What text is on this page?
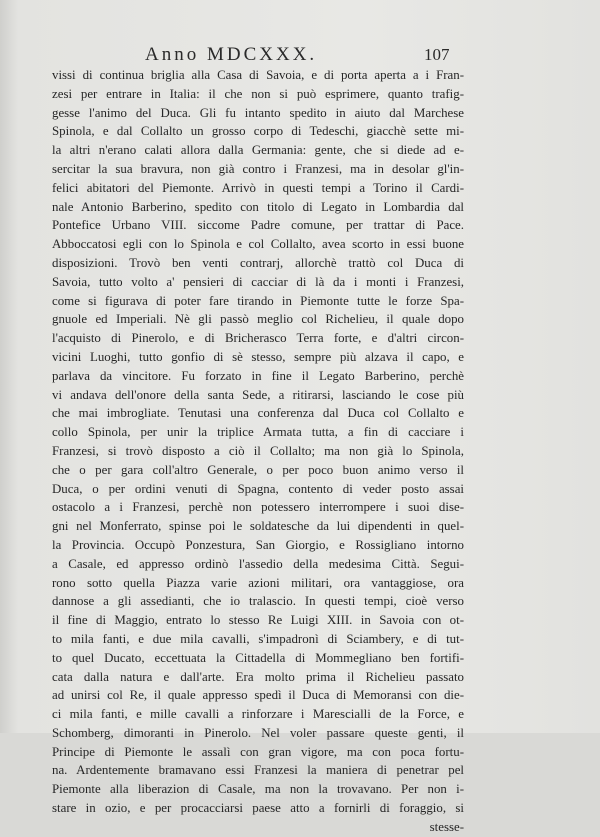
Anno MDCXXX.	107
vissi di continua briglia alla Casa di Savoia, e di porta aperta a i Fran-
zesi per entrare in Italia: il che non si può esprimere, quanto trafig-
gesse l'animo del Duca. Gli fu intanto spedito in aiuto dal Marchese
Spinola, e dal Collalto un grosso corpo di Tedeschi, giacchè sette mi-
la altri n'erano calati allora dalla Germania: gente, che si diede ad e-
sercitar la sua bravura, non già contro i Franzesi, ma in desolar gl'in-
felici abitatori del Piemonte. Arrivò in questi tempi a Torino il Cardi-
nale Antonio Barberino, spedito con titolo di Legato in Lombardia dal
Pontefice Urbano VIII. siccome Padre comune, per trattar di Pace.
Abboccatosi egli con lo Spinola e col Collalto, avea scorto in essi buone
disposizioni. Trovò ben venti contrarj, allorchè trattò col Duca di
Savoia, tutto volto a' pensieri di cacciar di là da i monti i Franzesi,
come si figurava di poter fare tirando in Piemonte tutte le forze Spa-
gnuole ed Imperiali. Nè gli passò meglio col Richelieu, il quale dopo
l'acquisto di Pinerolo, e di Bricherasco Terra forte, e d'altri circon-
vicini Luoghi, tutto gonfio di sè stesso, sempre più alzava il capo, e
parlava da vincitore. Fu forzato in fine il Legato Barberino, perchè
vi andava dell'onore della santa Sede, a ritirarsi, lasciando le cose più
che mai imbrogliate. Tenutasi una conferenza dal Duca col Collalto e
collo Spinola, per unir la triplice Armata tutta, a fin di cacciare i
Franzesi, si trovò disposto a ciò il Collalto; ma non già lo Spinola,
che o per gara coll'altro Generale, o per poco buon animo verso il
Duca, o per ordini venuti di Spagna, contento di veder posto assai
ostacolo a i Franzesi, perchè non potessero interrompere i suoi dise-
gni nel Monferrato, spinse poi le soldatesche da lui dipendenti in quel-
la Provincia. Occupò Ponzestura, San Giorgio, e Rossigliano intorno
a Casale, ed appresso ordinò l'assedio della medesima Città. Segui-
rono sotto quella Piazza varie azioni militari, ora vantaggiose, ora
dannose a gli assedianti, che io tralascio. In questi tempi, cioè verso
il fine di Maggio, entrato lo stesso Re Luigi XIII. in Savoia con ot-
to mila fanti, e due mila cavalli, s'impadronì di Sciambery, e di tut-
to quel Ducato, eccettuata la Cittadella di Mommegliano ben fortifi-
cata dalla natura e dall'arte. Era molto prima il Richelieu passato
ad unirsi col Re, il quale appresso spedì il Duca di Memoransi con die-
ci mila fanti, e mille cavalli a rinforzare i Marescialli de la Force, e
Schomberg, dimoranti in Pinerolo. Nel voler passare queste genti, il
Principe di Piemonte le assalì con gran vigore, ma con poca fortu-
na. Ardentemente bramavano essi Franzesi la maniera di penetrar pel
Piemonte alla liberazion di Casale, ma non la trovavano. Per non i-
stare in ozio, e per procacciarsi paese atto a fornirli di foraggio, si
stesse-
